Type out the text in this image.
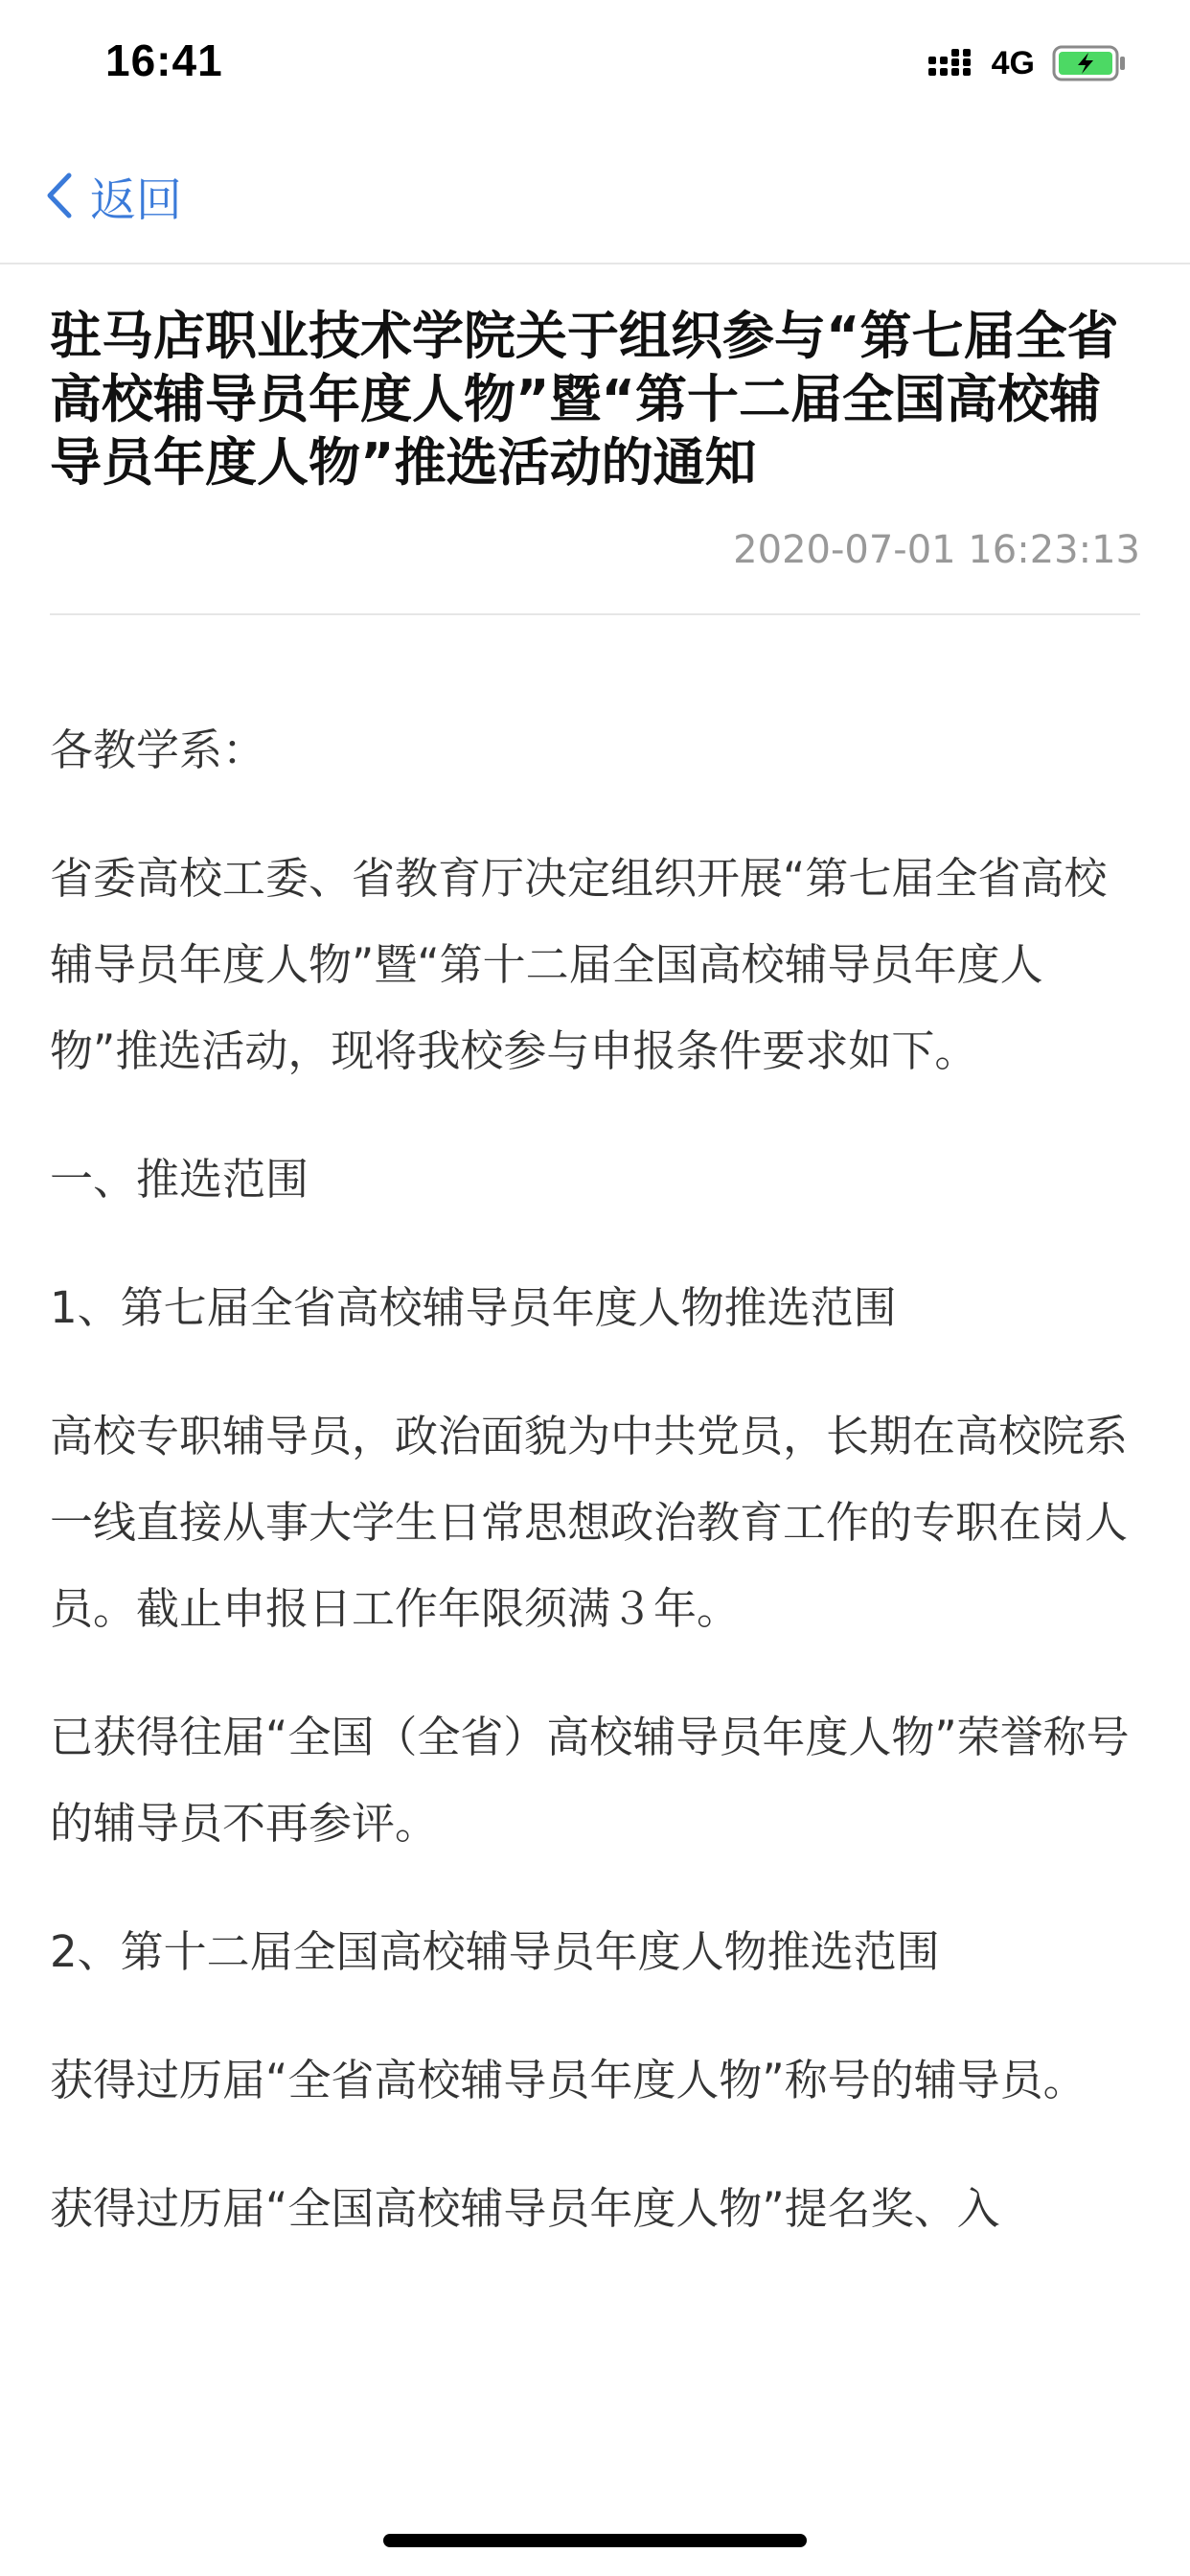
16:41	4G
返回
驻马店职业技术学院关于组织参与“第七届全省高校辅导员年度人物”暨“第十二届全国高校辅导员年度人物”推选活动的通知
2020-07-01 16:23:13

各教学系：

省委高校工委、省教育厅决定组织开展“第七届全省高校辅导员年度人物”暨“第十二届全国高校辅导员年度人物”推选活动，现将我校参与申报条件要求如下。

一、推选范围

1、第七届全省高校辅导员年度人物推选范围

高校专职辅导员，政治面貌为中共党员，长期在高校院系一线直接从事大学生日常思想政治教育工作的专职在岗人员。截止申报日工作年限须满３年。

已获得往届“全国（全省）高校辅导员年度人物”荣誉称号的辅导员不再参评。

2、第十二届全国高校辅导员年度人物推选范围

获得过历届“全省高校辅导员年度人物”称号的辅导员。

获得过历届“全国高校辅导员年度人物”提名奖、入
